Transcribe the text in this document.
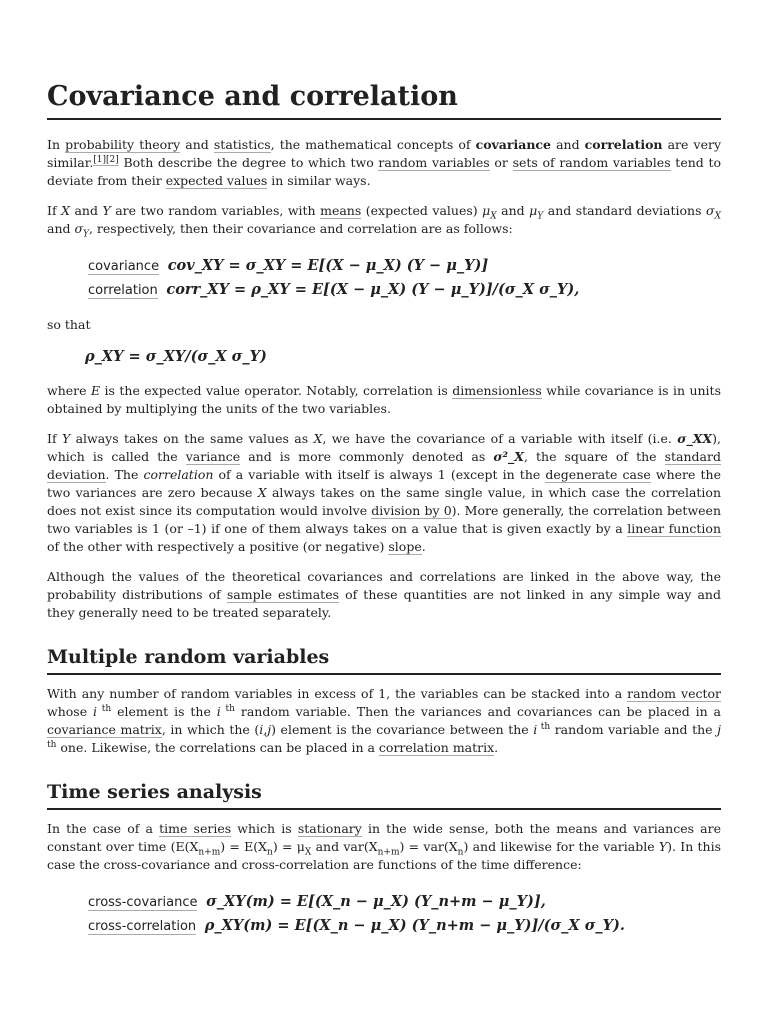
Covariance and correlation

In probability theory and statistics, the mathematical concepts of covariance and correlation are very similar.[1][2] Both describe the degree to which two random variables or sets of random variables tend to deviate from their expected values in similar ways.

If X and Y are two random variables, with means (expected values) $\mu_X$ and $\mu_Y$ and standard deviations $\sigma_X$ and $\sigma_Y$, respectively, then their covariance and correlation are as follows:

covariance cov_XY = σ_XY = E[(X − μ_X) (Y − μ_Y)]
correlation corr_XY = ρ_XY = E[(X − μ_X) (Y − μ_Y)]/(σ_X σ_Y),

so that

ρ_XY = σ_XY/(σ_X σ_Y)

where E is the expected value operator. Notably, correlation is dimensionless while covariance is in units obtained by multiplying the units of the two variables.

If Y always takes on the same values as X, we have the covariance of a variable with itself (i.e. σ_XX), which is called the variance and is more commonly denoted as σ²_X, the square of the standard deviation. The correlation of a variable with itself is always 1 (except in the degenerate case where the two variances are zero because X always takes on the same single value, in which case the correlation does not exist since its computation would involve division by 0). More generally, the correlation between two variables is 1 (or –1) if one of them always takes on a value that is given exactly by a linear function of the other with respectively a positive (or negative) slope.

Although the values of the theoretical covariances and correlations are linked in the above way, the probability distributions of sample estimates of these quantities are not linked in any simple way and they generally need to be treated separately.

Multiple random variables

With any number of random variables in excess of 1, the variables can be stacked into a random vector whose i $^{th}$ element is the i $^{th}$ random variable. Then the variances and covariances can be placed in a covariance matrix, in which the (i,j) element is the covariance between the i $^{th}$ random variable and the j $^{th}$ one. Likewise, the correlations can be placed in a correlation matrix.

Time series analysis

In the case of a time series which is stationary in the wide sense, both the means and variances are constant over time ($E(X_{n+m}) = E(X_n) = \mu_X$ and $var(X_{n+m}) = var(X_n)$ and likewise for the variable Y). In this case the cross-covariance and cross-correlation are functions of the time difference:

cross-covariance σ_XY(m) = E[(X_n − μ_X) (Y_n+m − μ_Y)],
cross-correlation ρ_XY(m) = E[(X_n − μ_X) (Y_n+m − μ_Y)]/(σ_X σ_Y).
